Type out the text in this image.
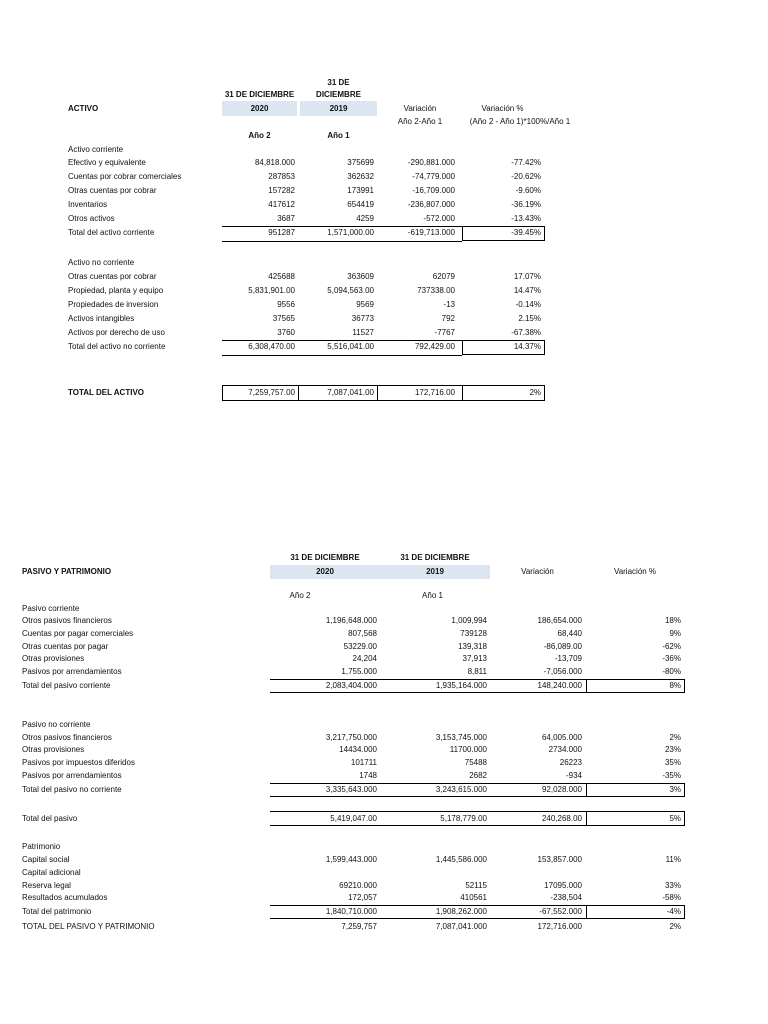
31 DE
DICIEMBRE
31 DE DICIEMBRE
2020	2019
ACTIVO	Variación
Año 2-Año 1
Variación %
(Año 2 - Año 1)*100%/Año 1
Año 2	Año 1
Activo corriente
Efectivo y equivalente	84,818.000	375699	-290,881.000	-77.42%
Cuentas por cobrar comerciales	287853	362632	-74,779.000	-20.62%
Otras cuentas por cobrar	157282	173991	-16,709.000	-9.60%
Inventarios	417612	654419	-236,807.000	-36.19%
Otros activos	3687	4259	-572.000	-13.43%
Total del activo corriente	951287	1,571,000.00	-619,713.000	-39.45%
Activo no corriente
Otras cuentas por cobrar	425688	363609	62079	17.07%
Propiedad, planta y equipo	5,831,901.00	5,094,563.00	737338.00	14.47%
Propiedades de inversion	9556	9569	-13	-0.14%
Activos intangibles	37565	36773	792	2.15%
Activos por derecho de uso	3760	11527	-7767	-67.38%
Total del activo no corriente	6,308,470.00	5,516,041.00	792,429.00	14.37%
TOTAL DEL ACTIVO	7,259,757.00	7,087,041.00	172,716.00	2%
31 DE DICIEMBRE	31 DE DICIEMBRE
PASIVO Y PATRIMONIO	2020	2019	Variación	Variación %
Año 2	Año 1
Pasivo corriente
Otros pasivos financieros	1,196,648.000	1,009,994	186,654.000	18%
Cuentas por pagar comerciales	807,568	739128	68,440	9%
Otras cuentas por pagar	53229.00	139,318	-86,089.00	-62%
Otras provisiones	24,204	37,913	-13,709	-36%
Pasivos por arrendamientos	1,755.000	8,811	-7,056.000	-80%
Total del pasivo corriente	2,083,404.000	1,935,164.000	148,240.000	8%
Pasivo no corriente
Otros pasivos financieros	3,217,750.000	3,153,745.000	64,005.000	2%
Otras provisiones	14434.000	11700.000	2734.000	23%
Pasivos por impuestos diferidos	101711	75488	26223	35%
Pasivos por arrendamientos	1748	2682	-934	-35%
Total del pasivo no corriente	3,335,643.000	3,243,615.000	92,028.000	3%
Total del pasivo	5,419,047.00	5,178,779.00	240,268.00	5%
Patrimonio
Capital social	1,599,443.000	1,445,586.000	153,857.000	11%
Capital adicional
Reserva legal	69210.000	52115	17095.000	33%
Resultados acumulados	172,057	410561	-238,504	-58%
Total del patrimonio	1,840,710.000	1,908,262.000	-67,552.000	-4%
TOTAL DEL PASIVO Y PATRIMONIO	7,259,757	7,087,041.000	172,716.000	2%
